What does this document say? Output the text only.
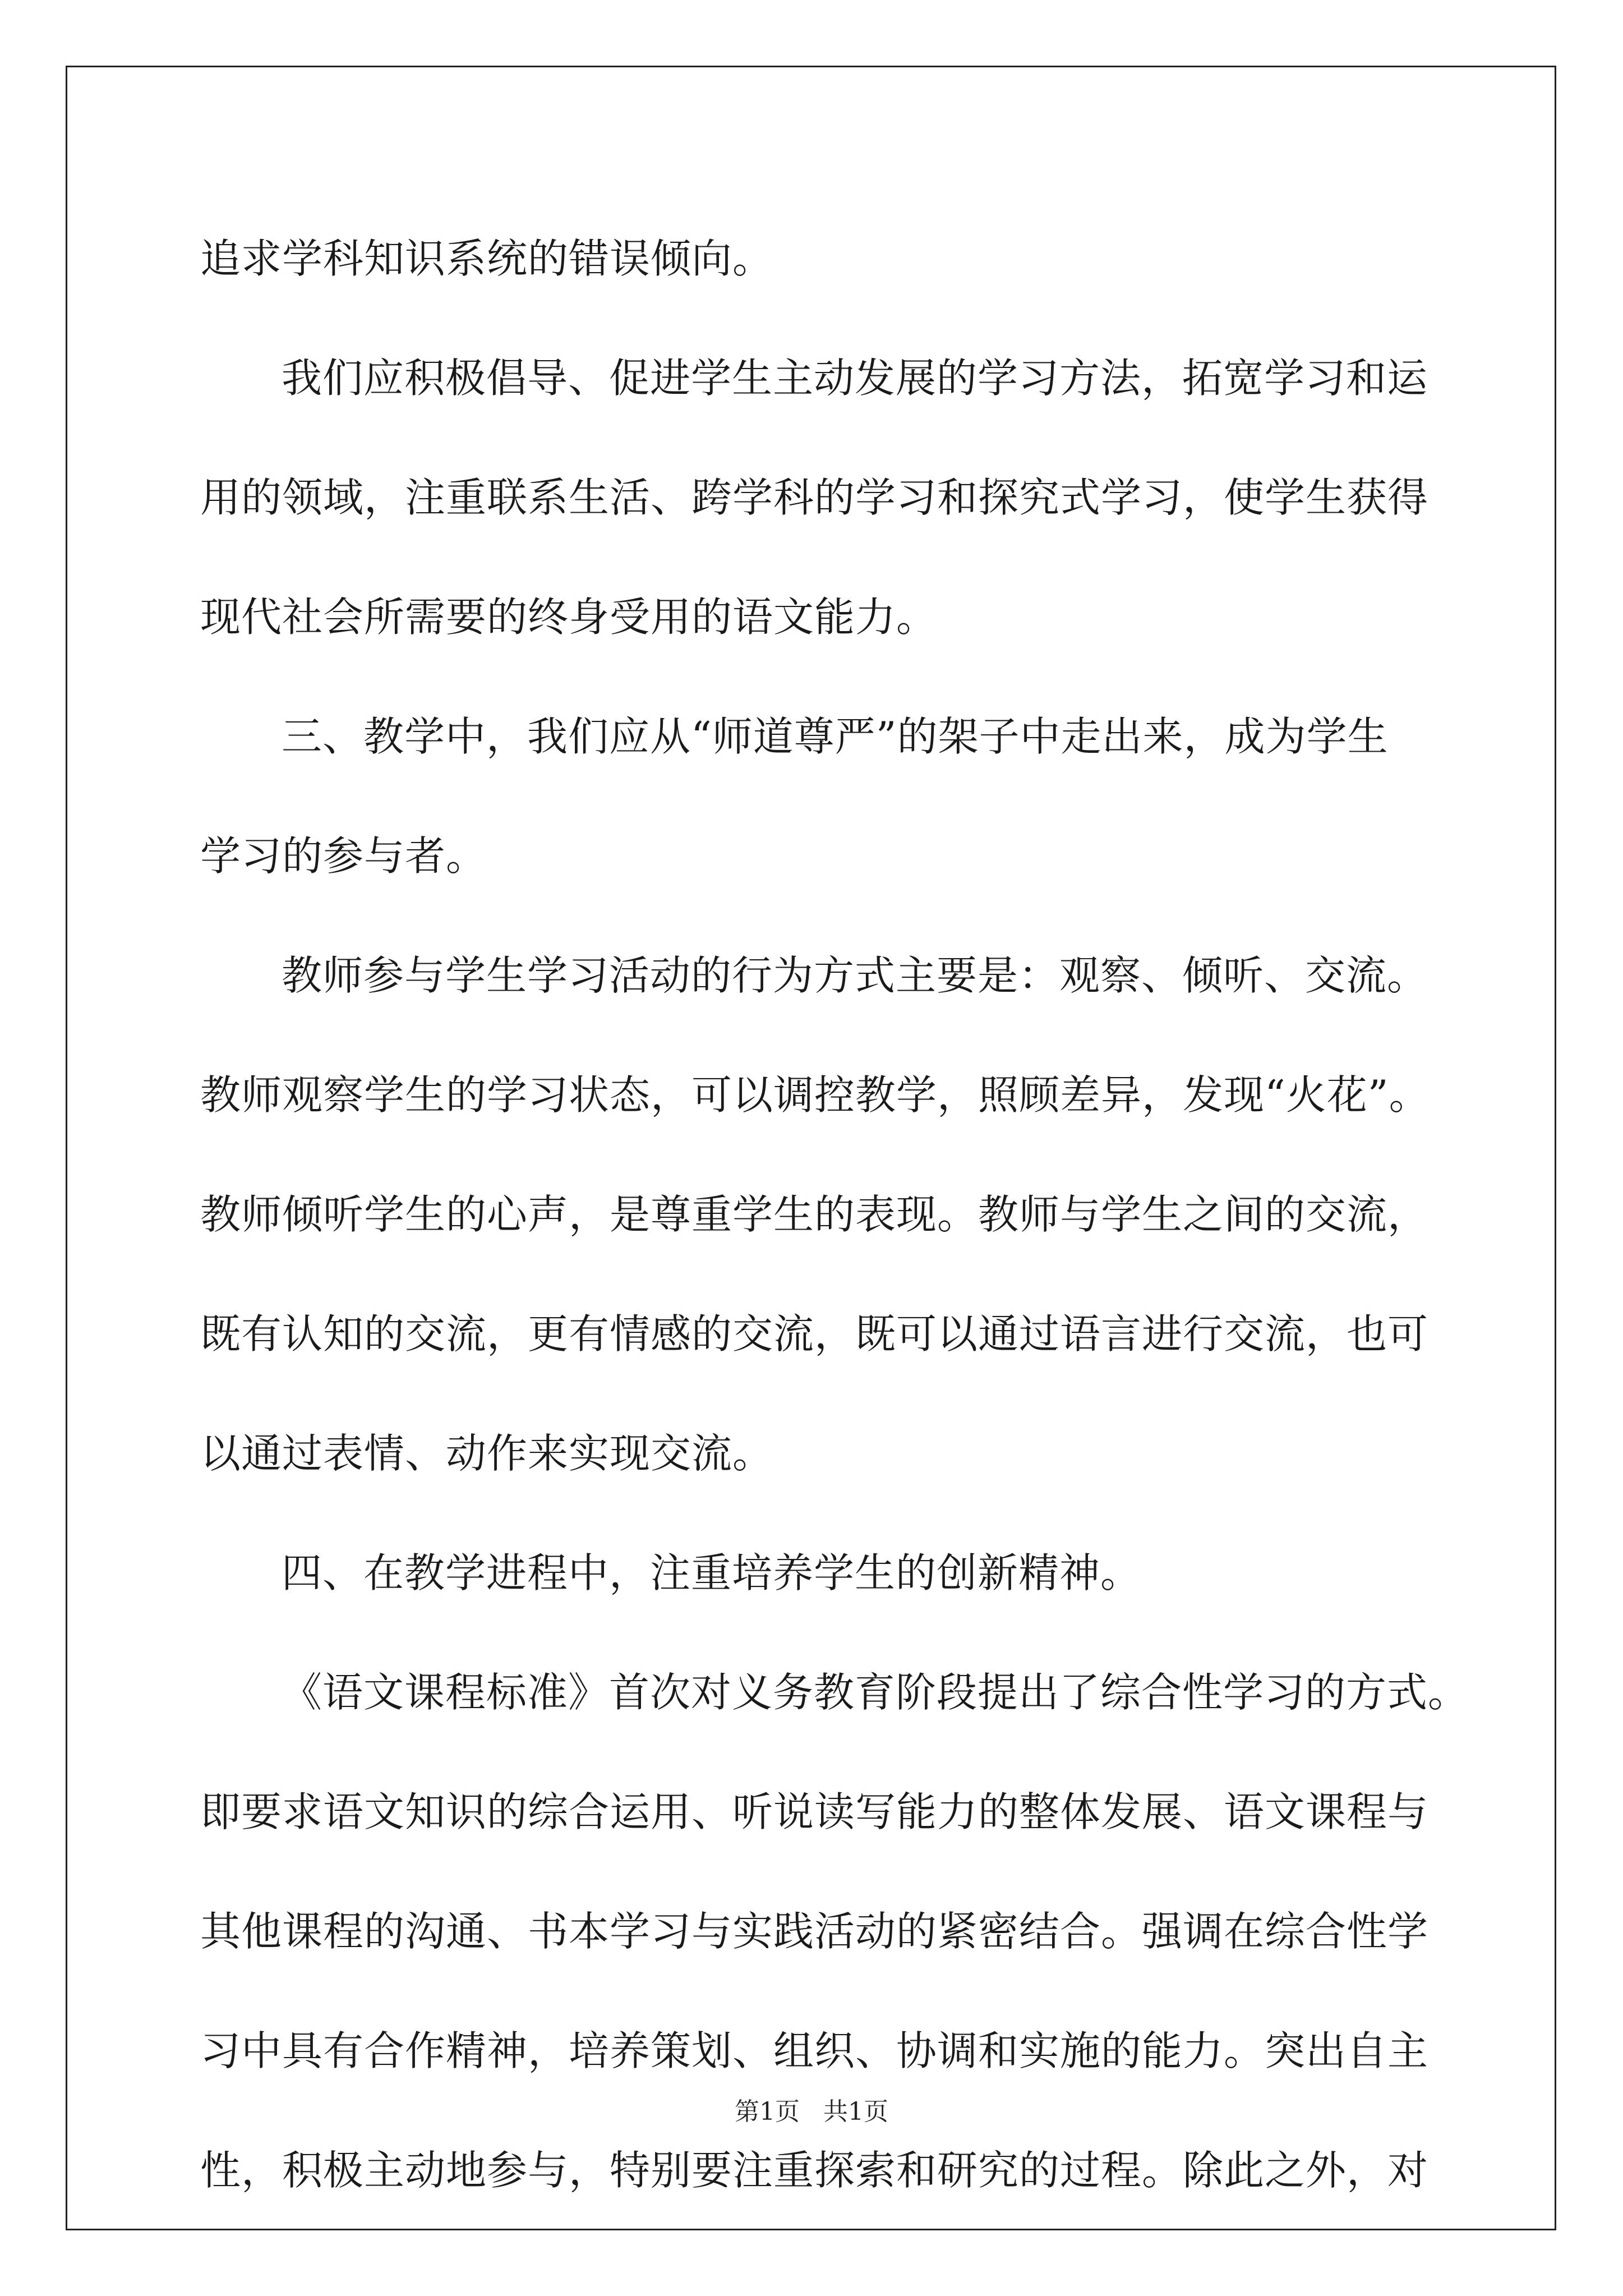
追求学科知识系统的错误倾向。
我们应积极倡导、促进学生主动发展的学习方法，拓宽学习和运
用的领域，注重联系生活、跨学科的学习和探究式学习，使学生获得
现代社会所需要的终身受用的语文能力。
三、教学中，我们应从“师道尊严”的架子中走出来，成为学生
学习的参与者。
教师参与学生学习活动的行为方式主要是：观察、倾听、交流。
教师观察学生的学习状态，可以调控教学，照顾差异，发现“火花”。
教师倾听学生的心声，是尊重学生的表现。教师与学生之间的交流，
既有认知的交流，更有情感的交流，既可以通过语言进行交流，也可
以通过表情、动作来实现交流。
四、在教学进程中，注重培养学生的创新精神。
《语文课程标准》首次对义务教育阶段提出了综合性学习的方式。
即要求语文知识的综合运用、听说读写能力的整体发展、语文课程与
其他课程的沟通、书本学习与实践活动的紧密结合。强调在综合性学
习中具有合作精神，培养策划、组织、协调和实施的能力。突出自主
性，积极主动地参与，特别要注重探索和研究的过程。除此之外，对
第1页 共1页
